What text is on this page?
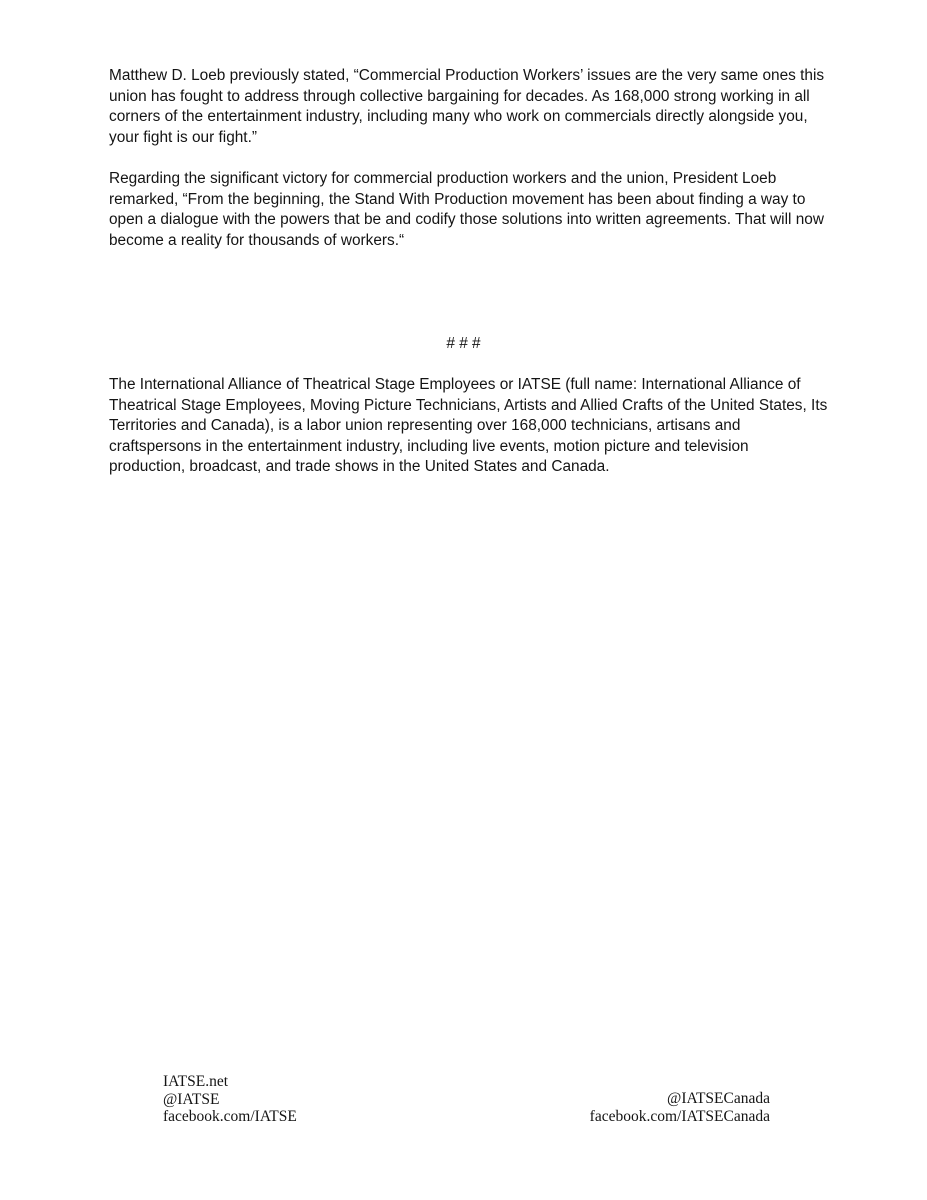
Matthew D. Loeb previously stated, “Commercial Production Workers’ issues are the very same ones this union has fought to address through collective bargaining for decades. As 168,000 strong working in all corners of the entertainment industry, including many who work on commercials directly alongside you, your fight is our fight.”

Regarding the significant victory for commercial production workers and the union, President Loeb remarked, “From the beginning, the Stand With Production movement has been about finding a way to open a dialogue with the powers that be and codify those solutions into written agreements. That will now become a reality for thousands of workers.“

# # #

The International Alliance of Theatrical Stage Employees or IATSE (full name: International Alliance of Theatrical Stage Employees, Moving Picture Technicians, Artists and Allied Crafts of the United States, Its Territories and Canada), is a labor union representing over 168,000 technicians, artisans and craftspersons in the entertainment industry, including live events, motion picture and television production, broadcast, and trade shows in the United States and Canada.

IATSE.net
@IATSE
facebook.com/IATSE
@IATSECanada
facebook.com/IATSECanada
